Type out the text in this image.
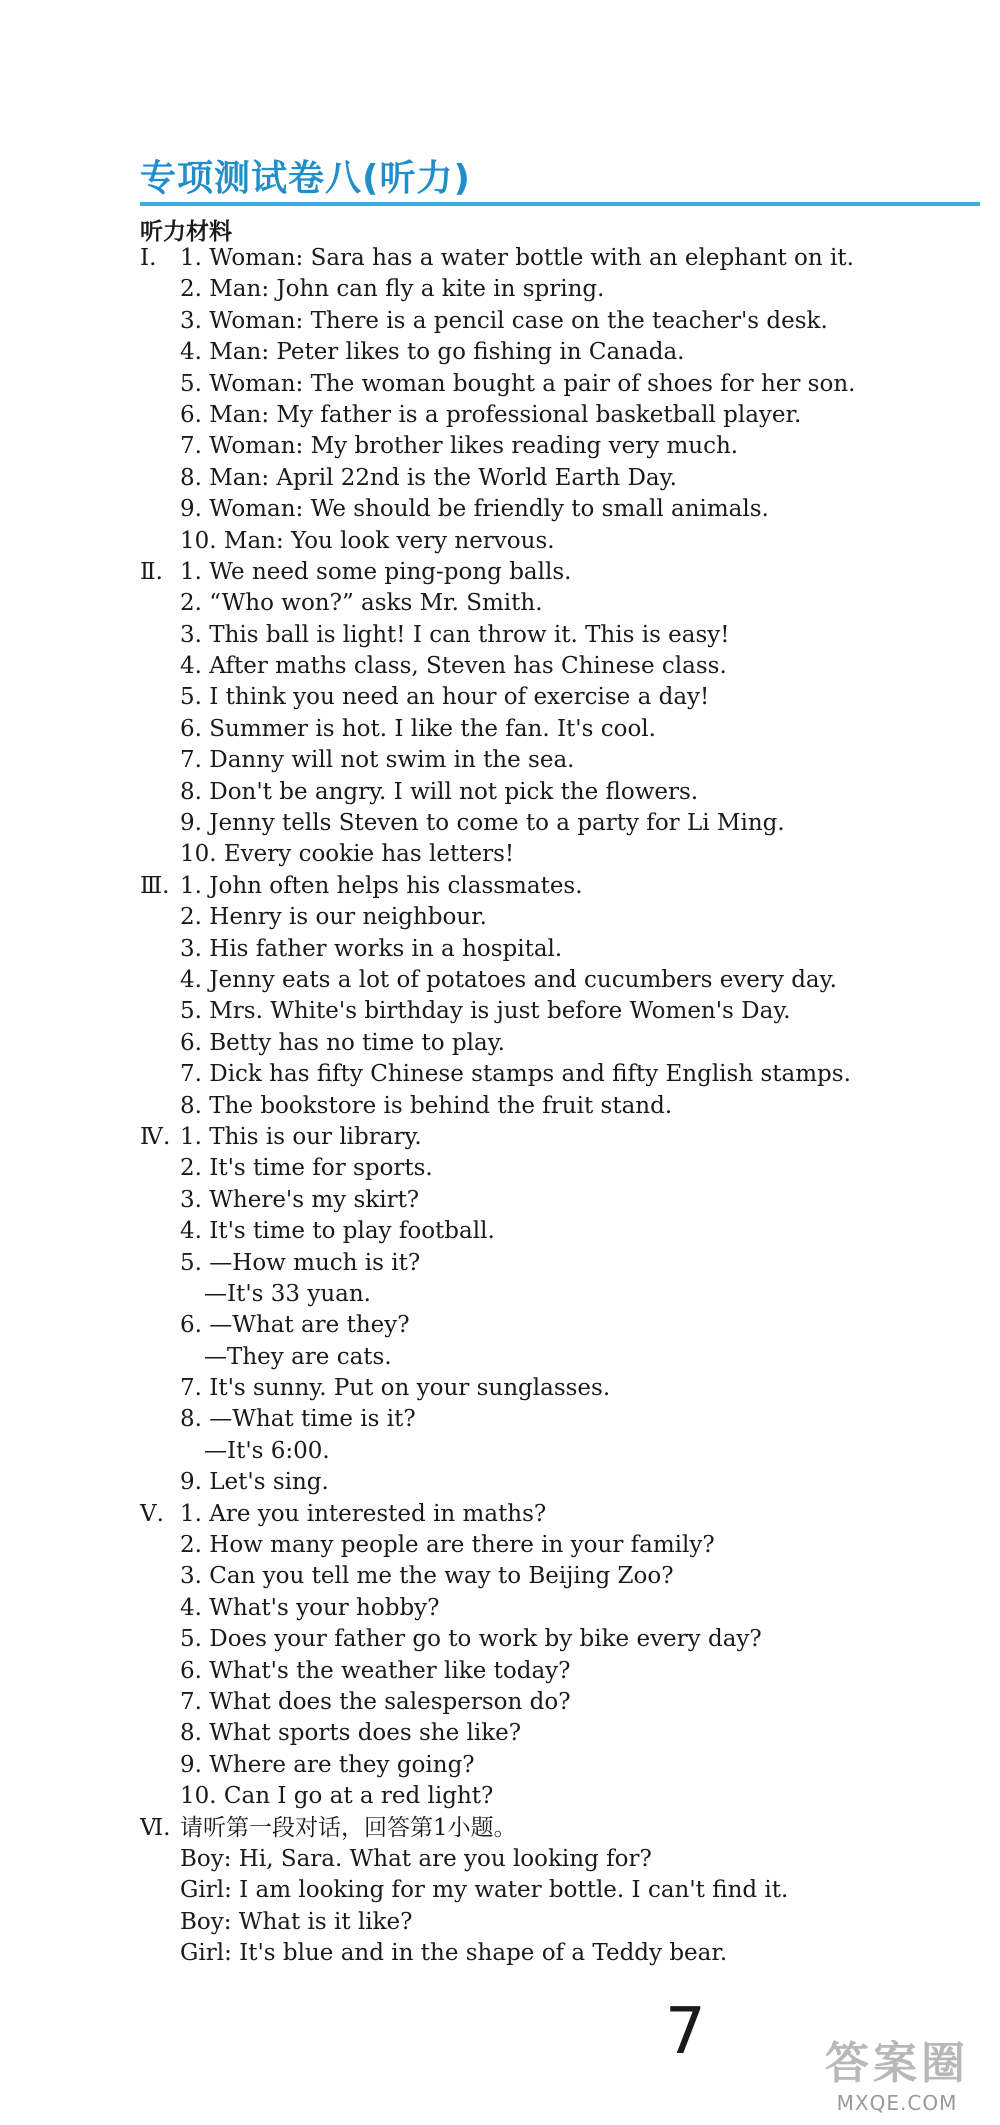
专项测试卷八(听力)
听力材料
Ⅰ.	1. Woman: Sara has a water bottle with an elephant on it.
2. Man: John can fly a kite in spring.
3. Woman: There is a pencil case on the teacher's desk.
4. Man: Peter likes to go fishing in Canada.
5. Woman: The woman bought a pair of shoes for her son.
6. Man: My father is a professional basketball player.
7. Woman: My brother likes reading very much.
8. Man: April 22nd is the World Earth Day.
9. Woman: We should be friendly to small animals.
10. Man: You look very nervous.
Ⅱ. 1. We need some ping-pong balls.
2. “Who won?” asks Mr. Smith.
3. This ball is light! I can throw it. This is easy!
4. After maths class, Steven has Chinese class.
5. I think you need an hour of exercise a day!
6. Summer is hot. I like the fan. It's cool.
7. Danny will not swim in the sea.
8. Don't be angry. I will not pick the flowers.
9. Jenny tells Steven to come to a party for Li Ming.
10. Every cookie has letters!
Ⅲ. 1. John often helps his classmates.
2. Henry is our neighbour.
3. His father works in a hospital.
4. Jenny eats a lot of potatoes and cucumbers every day.
5. Mrs. White's birthday is just before Women's Day.
6. Betty has no time to play.
7. Dick has fifty Chinese stamps and fifty English stamps.
8. The bookstore is behind the fruit stand.
Ⅳ. 1. This is our library.
2. It's time for sports.
3. Where's my skirt?
4. It's time to play football.
5. —How much is it?
—It's 33 yuan.
6. —What are they?
—They are cats.
7. It's sunny. Put on your sunglasses.
8. —What time is it?
—It's 6:00.
9. Let's sing.
Ⅴ. 1. Are you interested in maths?
2. How many people are there in your family?
3. Can you tell me the way to Beijing Zoo?
4. What's your hobby?
5. Does your father go to work by bike every day?
6. What's the weather like today?
7. What does the salesperson do?
8. What sports does she like?
9. Where are they going?
10. Can I go at a red light?
Ⅵ. 请听第一段对话，回答第1小题。
Boy: Hi, Sara. What are you looking for?
Girl: I am looking for my water bottle. I can't find it.
Boy: What is it like?
Girl: It's blue and in the shape of a Teddy bear.
7	答案圈
MXQE.COM
